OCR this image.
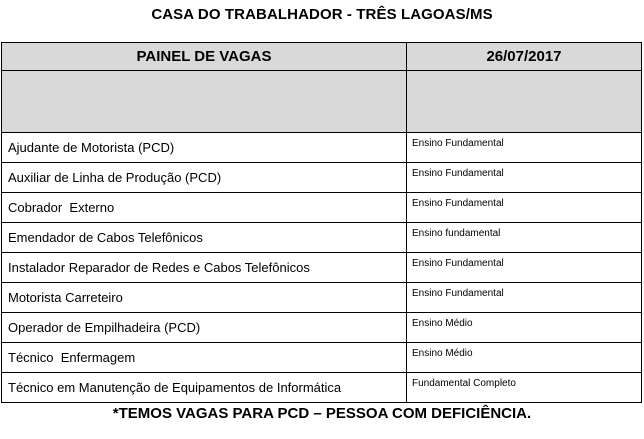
CASA DO TRABALHADOR - TRÊS LAGOAS/MS
PAINEL DE VAGAS	26/07/2017
Ajudante de Motorista (PCD)	Ensino Fundamental
Auxiliar de Linha de Produção (PCD)	Ensino Fundamental
Cobrador  Externo	Ensino Fundamental
Emendador de Cabos Telefônicos	Ensino fundamental
Instalador Reparador de Redes e Cabos Telefônicos	Ensino Fundamental
Motorista Carreteiro	Ensino Fundamental
Operador de Empilhadeira (PCD)	Ensino Médio
Técnico  Enfermagem	Ensino Médio
Técnico em Manutenção de Equipamentos de Informática	Fundamental Completo
*TEMOS VAGAS PARA PCD – PESSOA COM DEFICIÊNCIA.
